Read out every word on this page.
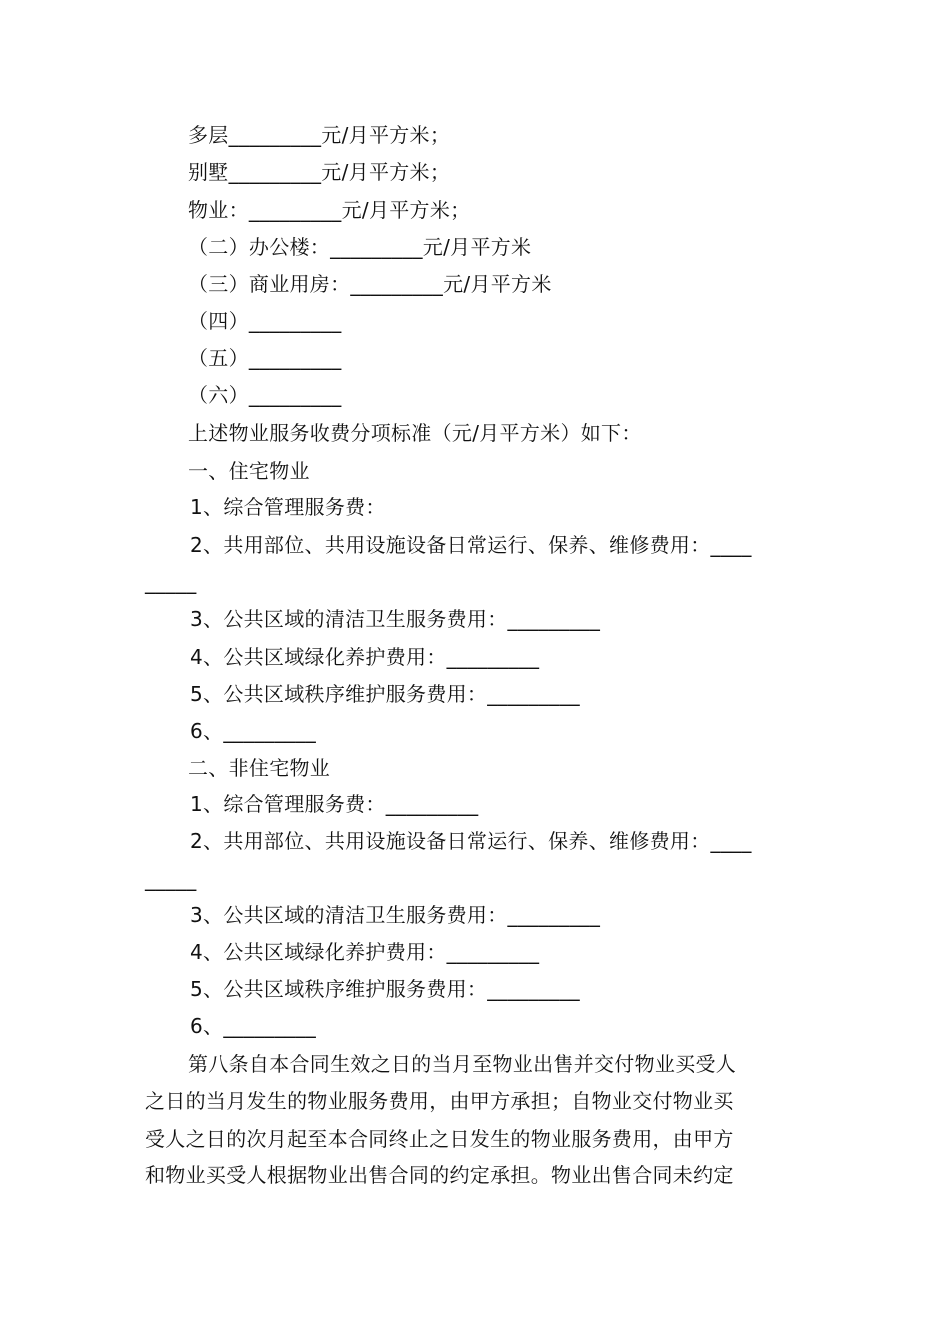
多层_________元/月平方米；
别墅_________元/月平方米；
物业：_________元/月平方米；
（二）办公楼：_________元/月平方米
（三）商业用房：_________元/月平方米
（四）_________
（五）_________
（六）_________
上述物业服务收费分项标准（元/月平方米）如下：
一、住宅物业
1、综合管理服务费：
2、共用部位、共用设施设备日常运行、保养、维修费用：____
_____
3、公共区域的清洁卫生服务费用：_________
4、公共区域绿化养护费用：_________
5、公共区域秩序维护服务费用：_________
6、_________
二、非住宅物业
1、综合管理服务费：_________
2、共用部位、共用设施设备日常运行、保养、维修费用：____
_____
3、公共区域的清洁卫生服务费用：_________
4、公共区域绿化养护费用：_________
5、公共区域秩序维护服务费用：_________
6、_________
第八条自本合同生效之日的当月至物业出售并交付物业买受人
之日的当月发生的物业服务费用，由甲方承担；自物业交付物业买
受人之日的次月起至本合同终止之日发生的物业服务费用，由甲方
和物业买受人根据物业出售合同的约定承担。物业出售合同未约定
